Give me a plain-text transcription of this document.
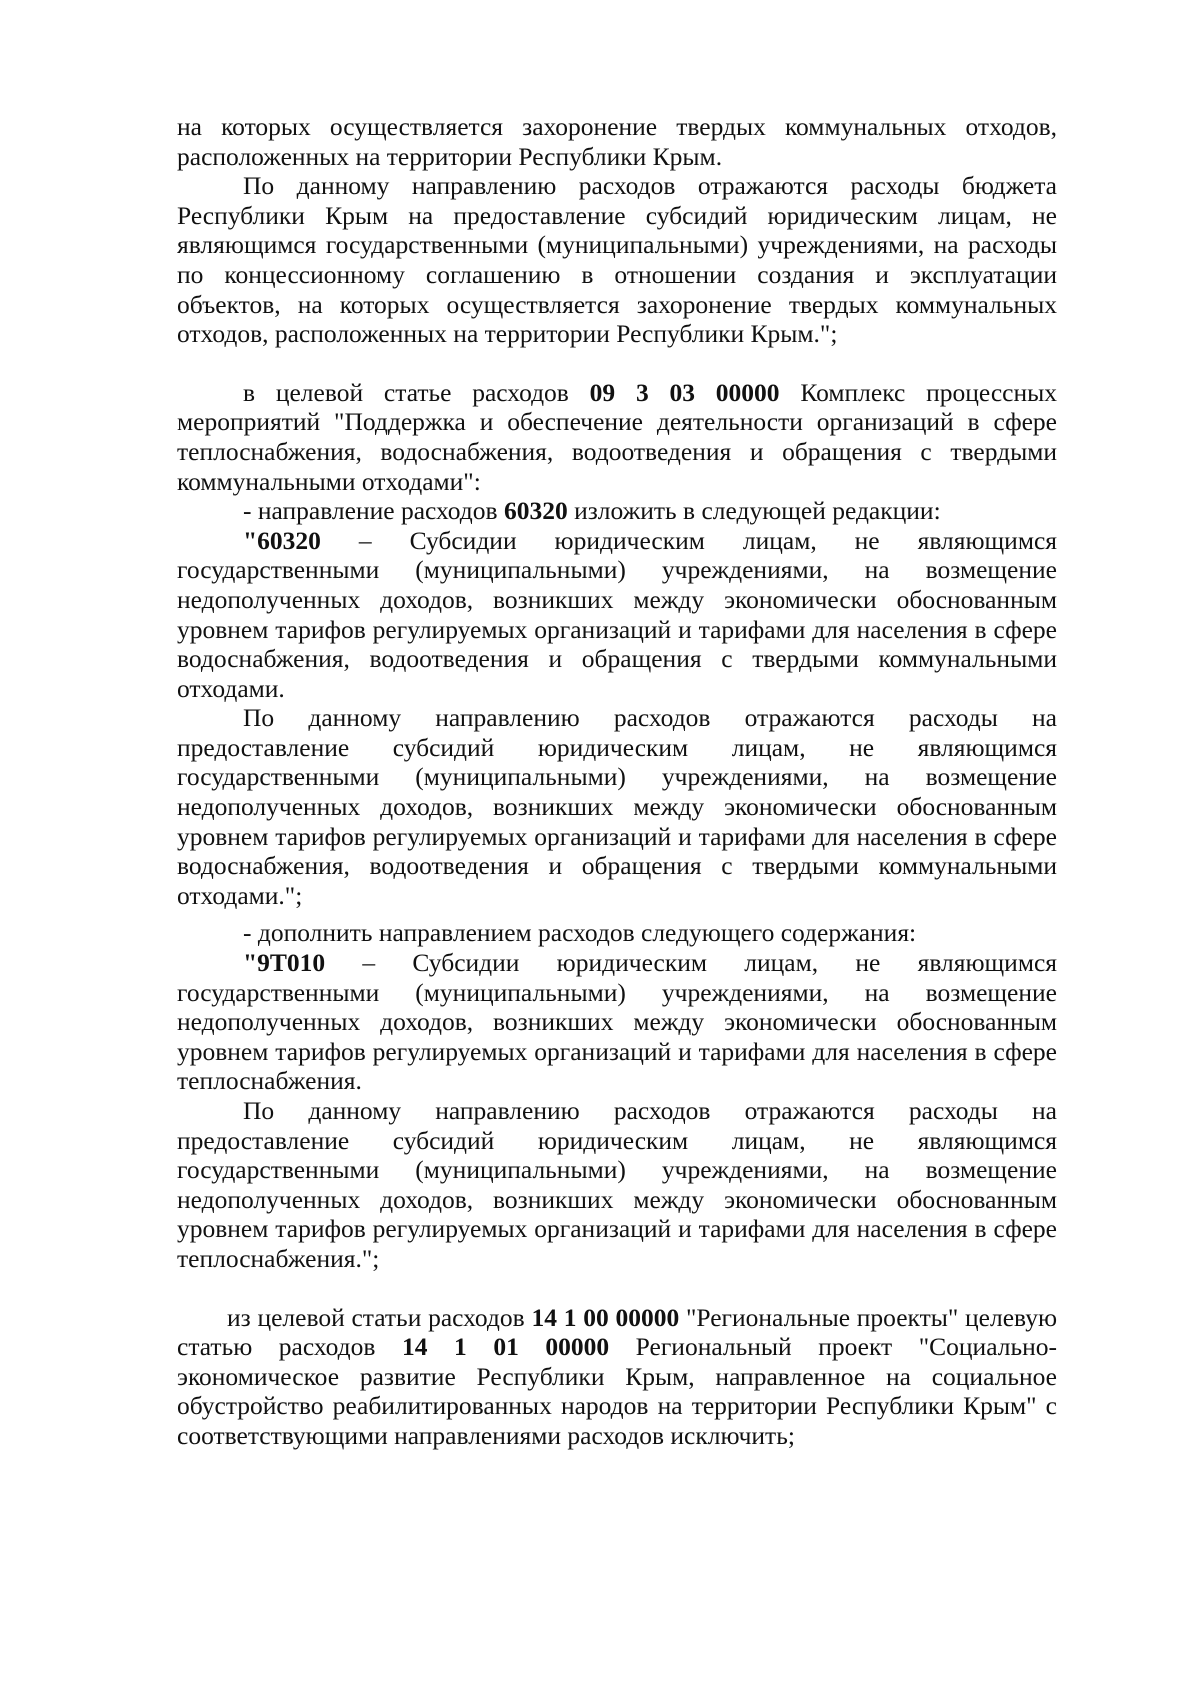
на которых осуществляется захоронение твердых коммунальных отходов, расположенных на территории Республики Крым.

По данному направлению расходов отражаются расходы бюджета Республики Крым на предоставление субсидий юридическим лицам, не являющимся государственными (муниципальными) учреждениями, на расходы по концессионному соглашению в отношении создания и эксплуатации объектов, на которых осуществляется захоронение твердых коммунальных отходов, расположенных на территории Республики Крым.";

в целевой статье расходов 09 3 03 00000 Комплекс процессных мероприятий "Поддержка и обеспечение деятельности организаций в сфере теплоснабжения, водоснабжения, водоотведения и обращения с твердыми коммунальными отходами":

- направление расходов 60320 изложить в следующей редакции:

"60320 – Субсидии юридическим лицам, не являющимся государственными (муниципальными) учреждениями, на возмещение недополученных доходов, возникших между экономически обоснованным уровнем тарифов регулируемых организаций и тарифами для населения в сфере водоснабжения, водоотведения и обращения с твердыми коммунальными отходами.

По данному направлению расходов отражаются расходы на предоставление субсидий юридическим лицам, не являющимся государственными (муниципальными) учреждениями, на возмещение недополученных доходов, возникших между экономически обоснованным уровнем тарифов регулируемых организаций и тарифами для населения в сфере водоснабжения, водоотведения и обращения с твердыми коммунальными отходами.";

- дополнить направлением расходов следующего содержания:

"9Т010 – Субсидии юридическим лицам, не являющимся государственными (муниципальными) учреждениями, на возмещение недополученных доходов, возникших между экономически обоснованным уровнем тарифов регулируемых организаций и тарифами для населения в сфере теплоснабжения.

По данному направлению расходов отражаются расходы на предоставление субсидий юридическим лицам, не являющимся государственными (муниципальными) учреждениями, на возмещение недополученных доходов, возникших между экономически обоснованным уровнем тарифов регулируемых организаций и тарифами для населения в сфере теплоснабжения.";

из целевой статьи расходов 14 1 00 00000 "Региональные проекты" целевую статью расходов 14 1 01 00000 Региональный проект "Социально-экономическое развитие Республики Крым, направленное на социальное обустройство реабилитированных народов на территории Республики Крым" с соответствующими направлениями расходов исключить;
